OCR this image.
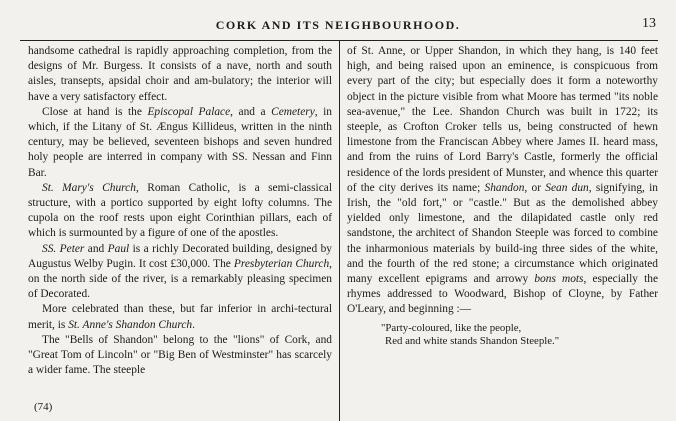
CORK AND ITS NEIGHBOURHOOD.	13

handsome cathedral is rapidly approaching completion, from the designs of Mr. Burgess. It consists of a nave, north and south aisles, transepts, apsidal choir and am-bulatory; the interior will have a very satisfactory effect.

Close at hand is the Episcopal Palace, and a Cemetery, in which, if the Litany of St. Ængus Killideus, written in the ninth century, may be believed, seventeen bishops and seven hundred holy people are interred in company with SS. Nessan and Finn Bar.

St. Mary's Church, Roman Catholic, is a semi-classical structure, with a portico supported by eight lofty columns. The cupola on the roof rests upon eight Corinthian pillars, each of which is surmounted by a figure of one of the apostles.

SS. Peter and Paul is a richly Decorated building, designed by Augustus Welby Pugin. It cost £30,000. The Presbyterian Church, on the north side of the river, is a remarkably pleasing specimen of Decorated.

More celebrated than these, but far inferior in archi-tectural merit, is St. Anne's Shandon Church.

The "Bells of Shandon" belong to the "lions" of Cork, and "Great Tom of Lincoln" or "Big Ben of Westminster" has scarcely a wider fame. The steeple

of St. Anne, or Upper Shandon, in which they hang, is 140 feet high, and being raised upon an eminence, is conspicuous from every part of the city; but especially does it form a noteworthy object in the picture visible from what Moore has termed "its noble sea-avenue," the Lee. Shandon Church was built in 1722; its steeple, as Crofton Croker tells us, being constructed of hewn limestone from the Franciscan Abbey where James II. heard mass, and from the ruins of Lord Barry's Castle, formerly the official residence of the lords president of Munster, and whence this quarter of the city derives its name; Shandon, or Sean dun, signifying, in Irish, the "old fort," or "castle." But as the demolished abbey yielded only limestone, and the dilapidated castle only red sandstone, the architect of Shandon Steeple was forced to combine the inharmonious materials by build-ing three sides of the white, and the fourth of the red stone; a circumstance which originated many excellent epigrams and arrowy bons mots, especially the rhymes addressed to Woodward, Bishop of Cloyne, by Father O'Leary, and beginning :—

"Party-coloured, like the people,
Red and white stands Shandon Steeple."
(74)
